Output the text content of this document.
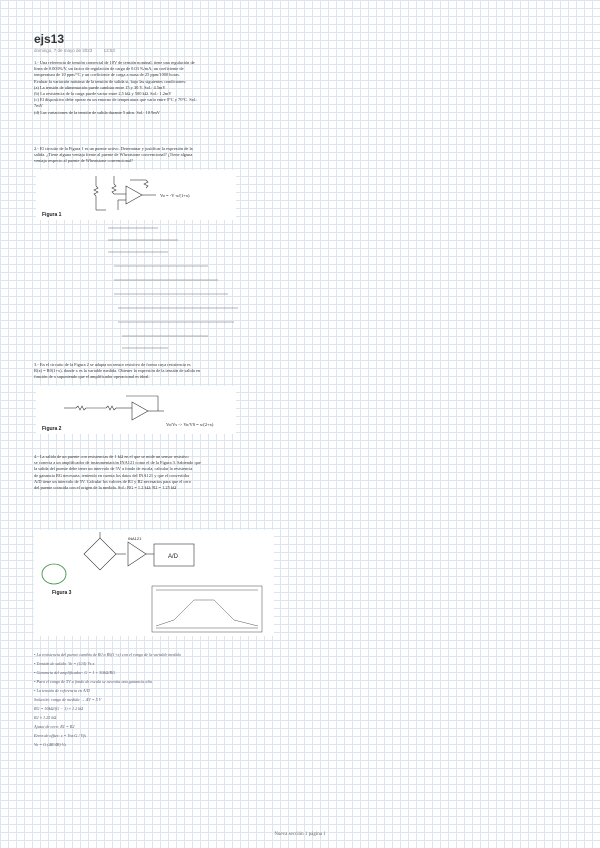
ejs13
domingo, 7 de mayo de 2023	13:53

1.- Una referencia de tensión comercial de 10V de tensión nominal, tiene una regulación de

línea de 0.003%/V, un factor de regulación de carga de 0.03 %/mA, un coeficiente de

temperatura de 10 ppm/°C y un coeficiente de carga a masa de 25 ppm/1000 horas.

Evaluar la variación máxima de la tensión de salida si, bajo las siguientes condiciones:

(a) La tensión de alimentación puede cambiar entre 15 y 30 V. Sol.: 4.5mV

(b) La resistencia de la carga puede variar entre 2,5 kΩ y 500 kΩ. Sol.: 1.2mV

(c) El dispositivo debe operar en un entorno de temperatura que varía entre 0°C y 70°C. Sol.:

7mV

(d) Las variaciones de la tensión de salida durante 5 años. Sol.: 10.9mV

2.- El circuito de la Figura 1 es un puente activo. Determinar y justificar la expresión de la

salida. ¿Tiene alguna ventaja frente al puente de Wheatstone convencional? ¿Tiene alguna

ventaja respecto al puente de Wheatstone convencional?

Figura 1
Vo = -V·x/(1+x)

3.- En el circuito de la Figura 2 se adapta un sensor resistivo de forma cuya resistencia es

R(x) = R0(1+x), donde x es la variable medida. Obtener la expresión de la tensión de salida en

función de x suponiendo que el amplificador operacional es ideal.

Figura 2
Vo/Vs -> Vo/V0 = x/(2+x)

4.- La salida de un puente con resistencias de 1 kΩ en el que se mide un sensor resistivo

se conecta a un amplificador de instrumentación INA121 como el de la Figura 3. Sabiendo que

la salida del puente debe tener un intervalo de 5V a fondo de escala, calcular la resistencia

de ganancia RG necesaria, teniendo en cuenta los datos del INA121 y que el convertidor

A/D tiene un intervalo de 5V. Calcular los valores de R1 y R2 necesarios para que el cero

del puente coincida con el origen de la medida. Sol.: RG = 1.2 kΩ; R2 = 1.25 kΩ

A/D
INA121
Figura 3
• La resistencia del puente cambia de R0 a R0(1+x) con el rango de la variable medida
• Tensión de salida: Vo = (G/4)·Vs·x
• Ganancia del amplificador: G = 1 + 50kΩ/RG
• Para el rango de 5V a fondo de escala se necesita una ganancia alta
• La tensión de referencia en A/D
Solución: rango de medida → ΔV = 5 V
RG = 50kΩ/(G − 1) ≈ 1.2 kΩ
R2 ≈ 1.25 kΩ
Ajuste de cero: R1 = R2
Error de offset: ε = Vos·G / Vfs
Vo = G·(ΔR/4R)·Vs
Nueva sección 1 página 1
